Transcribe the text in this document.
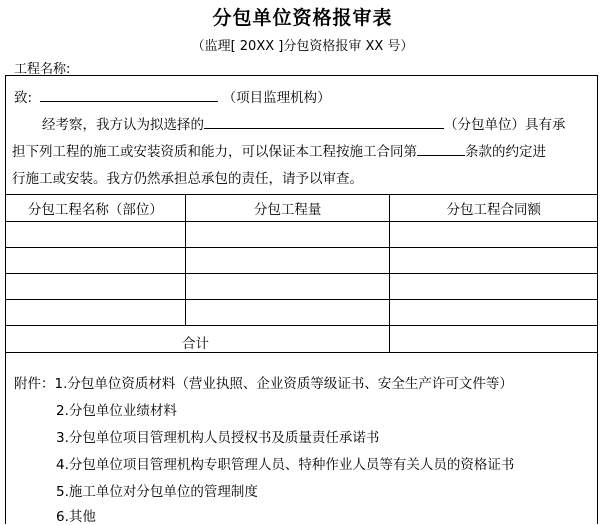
分包单位资格报审表
（监理[ 20XX ]分包资格报审 XX 号）
工程名称:
致:	（项目监理机构）
经考察，我方认为拟选择的	（分包单位）具有承
担下列工程的施工或安装资质和能力，可以保证本工程按施工合同第	条款的约定进
行施工或安装。我方仍然承担总承包的责任，请予以审查。
分包工程名称（部位）	分包工程量	分包工程合同额

合计		
附件：1.分包单位资质材料（营业执照、企业资质等级证书、安全生产许可文件等）
2.分包单位业绩材料
3.分包单位项目管理机构人员授权书及质量责任承诺书
4.分包单位项目管理机构专职管理人员、特种作业人员等有关人员的资格证书
5.施工单位对分包单位的管理制度
6.其他
